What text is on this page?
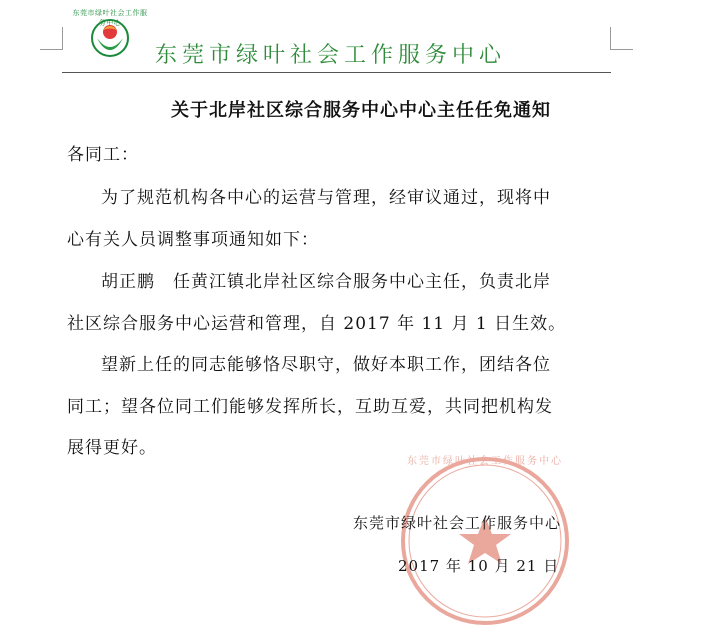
东莞市绿叶社会工作服务中心
东莞市绿叶社会工作服务中心
关于北岸社区综合服务中心中心主任任免通知
各同工：
为了规范机构各中心的运营与管理，经审议通过，现将中
心有关人员调整事项通知如下：
胡正鹏　任黄江镇北岸社区综合服务中心主任，负责北岸
社区综合服务中心运营和管理，自 2017 年 11 月 1 日生效。
望新上任的同志能够恪尽职守，做好本职工作，团结各位
同工；望各位同工们能够发挥所长，互助互爱，共同把机构发
展得更好。
东莞市绿叶社会工作服务中心
东莞市绿叶社会工作服务中心
2017 年 10 月 21 日
